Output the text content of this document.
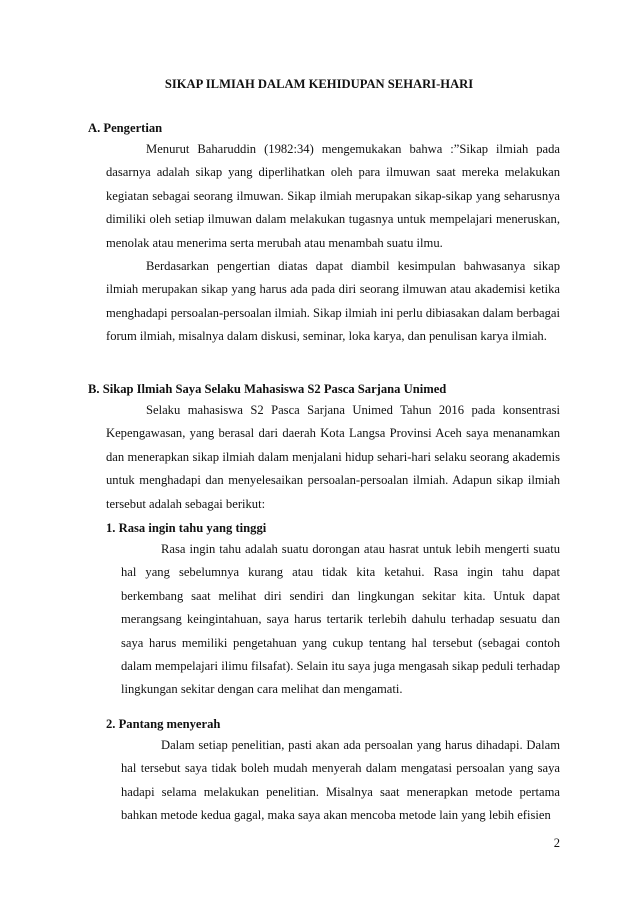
SIKAP ILMIAH DALAM KEHIDUPAN SEHARI-HARI
A. Pengertian

Menurut Baharuddin (1982:34) mengemukakan bahwa :”Sikap ilmiah pada dasarnya adalah sikap yang diperlihatkan oleh para ilmuwan saat mereka melakukan kegiatan sebagai seorang ilmuwan. Sikap ilmiah merupakan sikap-sikap yang seharusnya dimiliki oleh setiap ilmuwan dalam melakukan tugasnya untuk mempelajari meneruskan, menolak atau menerima serta merubah atau menambah suatu ilmu.

Berdasarkan pengertian diatas dapat diambil kesimpulan bahwasanya sikap ilmiah merupakan sikap yang harus ada pada diri seorang ilmuwan atau akademisi ketika menghadapi persoalan-persoalan ilmiah. Sikap ilmiah ini perlu dibiasakan dalam berbagai forum ilmiah, misalnya dalam diskusi, seminar, loka karya, dan penulisan karya ilmiah.

B. Sikap Ilmiah Saya Selaku Mahasiswa S2 Pasca Sarjana Unimed

Selaku mahasiswa S2 Pasca Sarjana Unimed Tahun 2016 pada konsentrasi Kepengawasan, yang berasal dari daerah Kota Langsa Provinsi Aceh saya menanamkan dan menerapkan sikap ilmiah dalam menjalani hidup sehari-hari selaku seorang akademis untuk menghadapi dan menyelesaikan persoalan-persoalan ilmiah. Adapun sikap ilmiah tersebut adalah sebagai berikut:

1. Rasa ingin tahu yang tinggi

Rasa ingin tahu adalah suatu dorongan atau hasrat untuk lebih mengerti suatu hal yang sebelumnya kurang atau tidak kita ketahui. Rasa ingin tahu dapat berkembang saat melihat diri sendiri dan lingkungan sekitar kita. Untuk dapat merangsang keingintahuan, saya harus tertarik terlebih dahulu terhadap sesuatu dan saya harus memiliki pengetahuan yang cukup tentang hal tersebut (sebagai contoh dalam mempelajari ilimu filsafat). Selain itu saya juga mengasah sikap peduli terhadap lingkungan sekitar dengan cara melihat dan mengamati.

2. Pantang menyerah

Dalam setiap penelitian, pasti akan ada persoalan yang harus dihadapi. Dalam hal tersebut saya tidak boleh mudah menyerah dalam mengatasi persoalan yang saya hadapi selama melakukan penelitian. Misalnya saat menerapkan metode pertama bahkan metode kedua gagal, maka saya akan mencoba metode lain yang lebih efisien

2
